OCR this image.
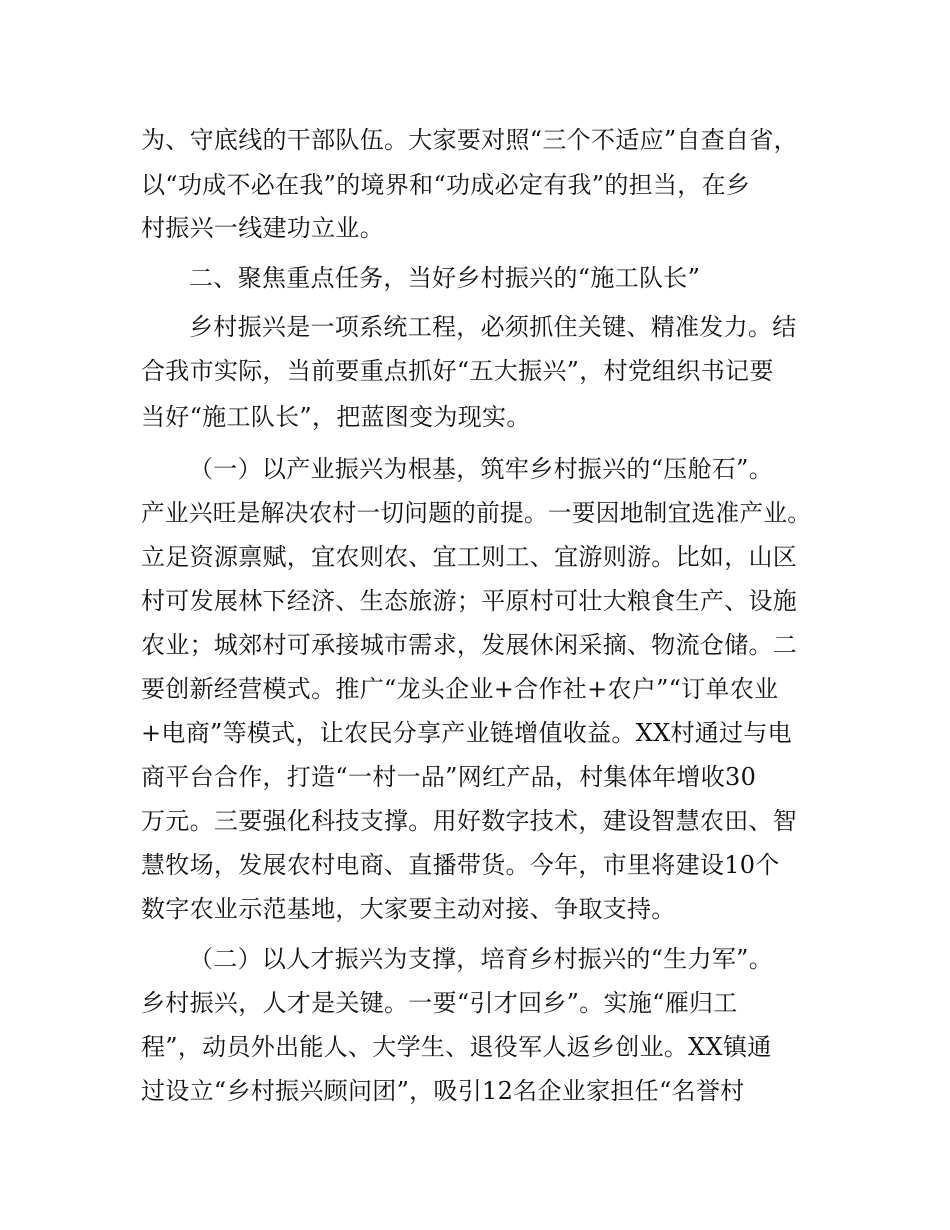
为、守底线的干部队伍。大家要对照“三个不适应”自查自省，
以“功成不必在我”的境界和“功成必定有我”的担当，在乡
村振兴一线建功立业。
二、聚焦重点任务，当好乡村振兴的“施工队长”
乡村振兴是一项系统工程，必须抓住关键、精准发力。结
合我市实际，当前要重点抓好“五大振兴”，村党组织书记要
当好“施工队长”，把蓝图变为现实。
（一）以产业振兴为根基，筑牢乡村振兴的“压舱石”。
产业兴旺是解决农村一切问题的前提。一要因地制宜选准产业。
立足资源禀赋，宜农则农、宜工则工、宜游则游。比如，山区
村可发展林下经济、生态旅游；平原村可壮大粮食生产、设施
农业；城郊村可承接城市需求，发展休闲采摘、物流仓储。二
要创新经营模式。推广“龙头企业+合作社+农户”“订单农业
+电商”等模式，让农民分享产业链增值收益。XX村通过与电
商平台合作，打造“一村一品”网红产品，村集体年增收30
万元。三要强化科技支撑。用好数字技术，建设智慧农田、智
慧牧场，发展农村电商、直播带货。今年，市里将建设10个
数字农业示范基地，大家要主动对接、争取支持。
（二）以人才振兴为支撑，培育乡村振兴的“生力军”。
乡村振兴，人才是关键。一要“引才回乡”。实施“雁归工
程”，动员外出能人、大学生、退役军人返乡创业。XX镇通
过设立“乡村振兴顾问团”，吸引12名企业家担任“名誉村
